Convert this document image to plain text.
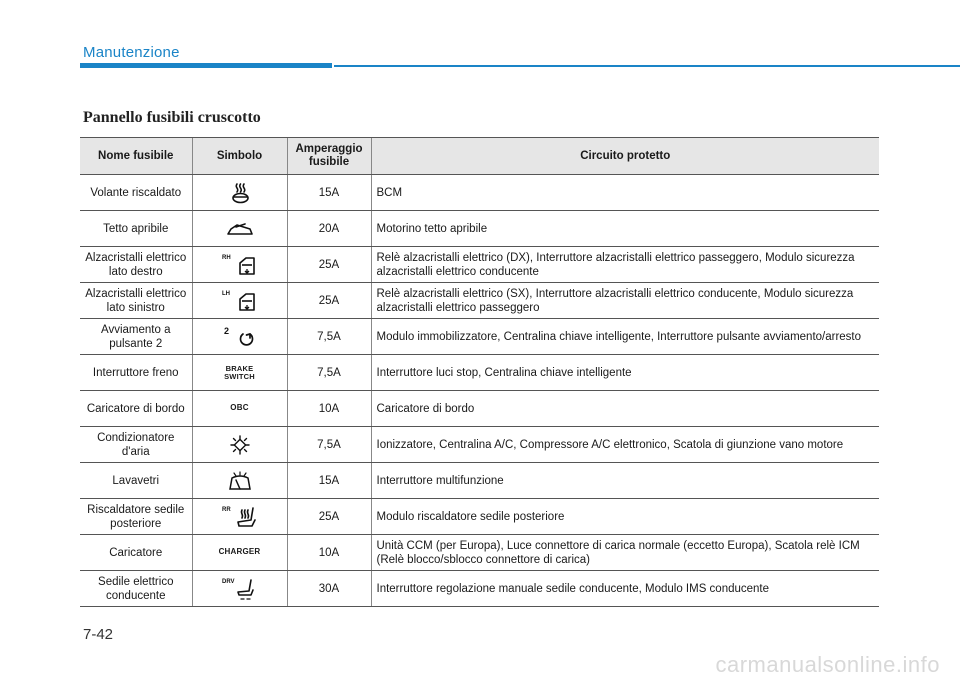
Manutenzione
Pannello fusibili cruscotto
Nome fusibile	Simbolo	Amperaggio fusibile	Circuito protetto
Volante riscaldato		15A	BCM
Tetto apribile		20A	Motorino tetto apribile
Alzacristalli elettrico lato destro	RH	25A	Relè alzacristalli elettrico (DX), Interruttore alzacristalli elettrico passeggero, Modulo sicurezza alzacristalli elettrico conducente
Alzacristalli elettrico lato sinistro	LH	25A	Relè alzacristalli elettrico (SX), Interruttore alzacristalli elettrico conducente, Modulo sicurezza alzacristalli elettrico passeggero
Avviamento a pulsante 2	2	7,5A	Modulo immobilizzatore, Centralina chiave intelligente, Interruttore pulsante avviamento/arresto
Interruttore freno	BRAKE SWITCH	7,5A	Interruttore luci stop, Centralina chiave intelligente
Caricatore di bordo	OBC	10A	Caricatore di bordo
Condizionatore d'aria		7,5A	Ionizzatore, Centralina A/C, Compressore A/C elettronico, Scatola di giunzione vano motore
Lavavetri		15A	Interruttore multifunzione
Riscaldatore sedile posteriore	RR	25A	Modulo riscaldatore sedile posteriore
Caricatore	CHARGER	10A	Unità CCM (per Europa), Luce connettore di carica normale (eccetto Europa), Scatola relè ICM (Relè blocco/sblocco connettore di carica)
Sedile elettrico conducente	DRV	30A	Interruttore regolazione manuale sedile conducente, Modulo IMS conducente
7-42
carmanualsonline.info
